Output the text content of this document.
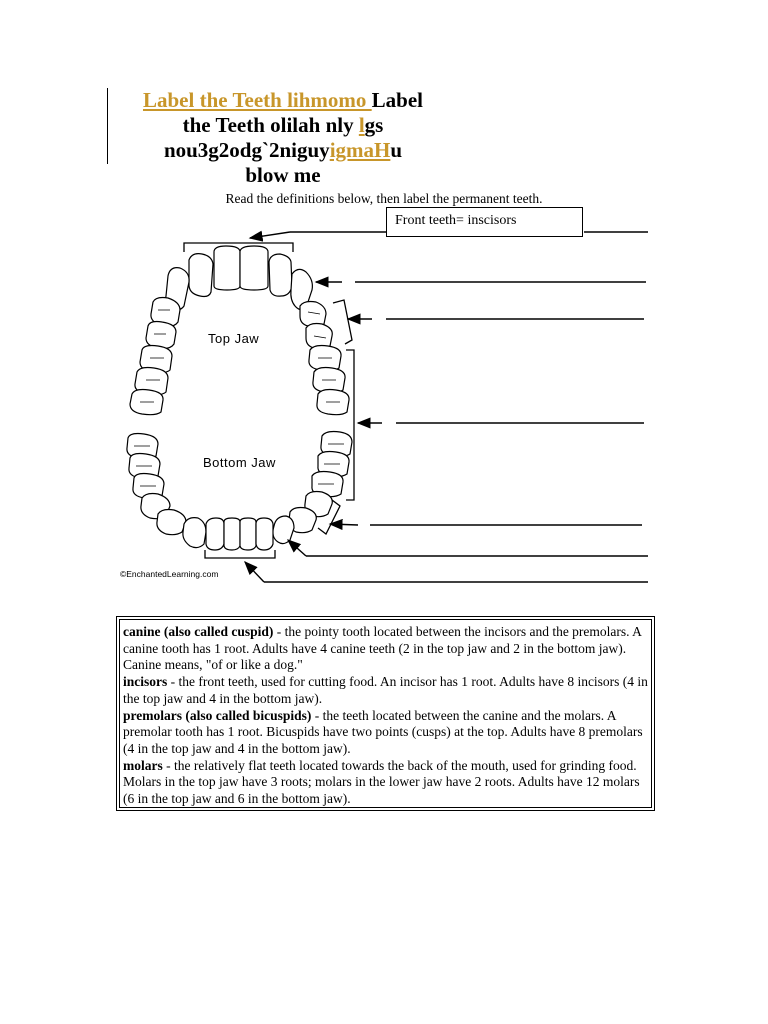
Label the Teeth lihmomo Label
the Teeth olilah nly lgs
nou3g2odg`2niguyigmaHu
blow me
Read the definitions below, then label the permanent teeth.
Top Jaw
Bottom Jaw
©EnchantedLearning.com
Front teeth= inscisors

canine (also called cuspid) - the pointy tooth located between the incisors and the premolars. A canine tooth has 1 root. Adults have 4 canine teeth (2 in the top jaw and 2 in the bottom jaw). Canine means, "of or like a dog."

incisors - the front teeth, used for cutting food. An incisor has 1 root. Adults have 8 incisors (4 in the top jaw and 4 in the bottom jaw).

premolars (also called bicuspids) - the teeth located between the canine and the molars. A premolar tooth has 1 root. Bicuspids have two points (cusps) at the top. Adults have 8 premolars (4 in the top jaw and 4 in the bottom jaw).

molars - the relatively flat teeth located towards the back of the mouth, used for grinding food. Molars in the top jaw have 3 roots; molars in the lower jaw have 2 roots. Adults have 12 molars (6 in the top jaw and 6 in the bottom jaw).
